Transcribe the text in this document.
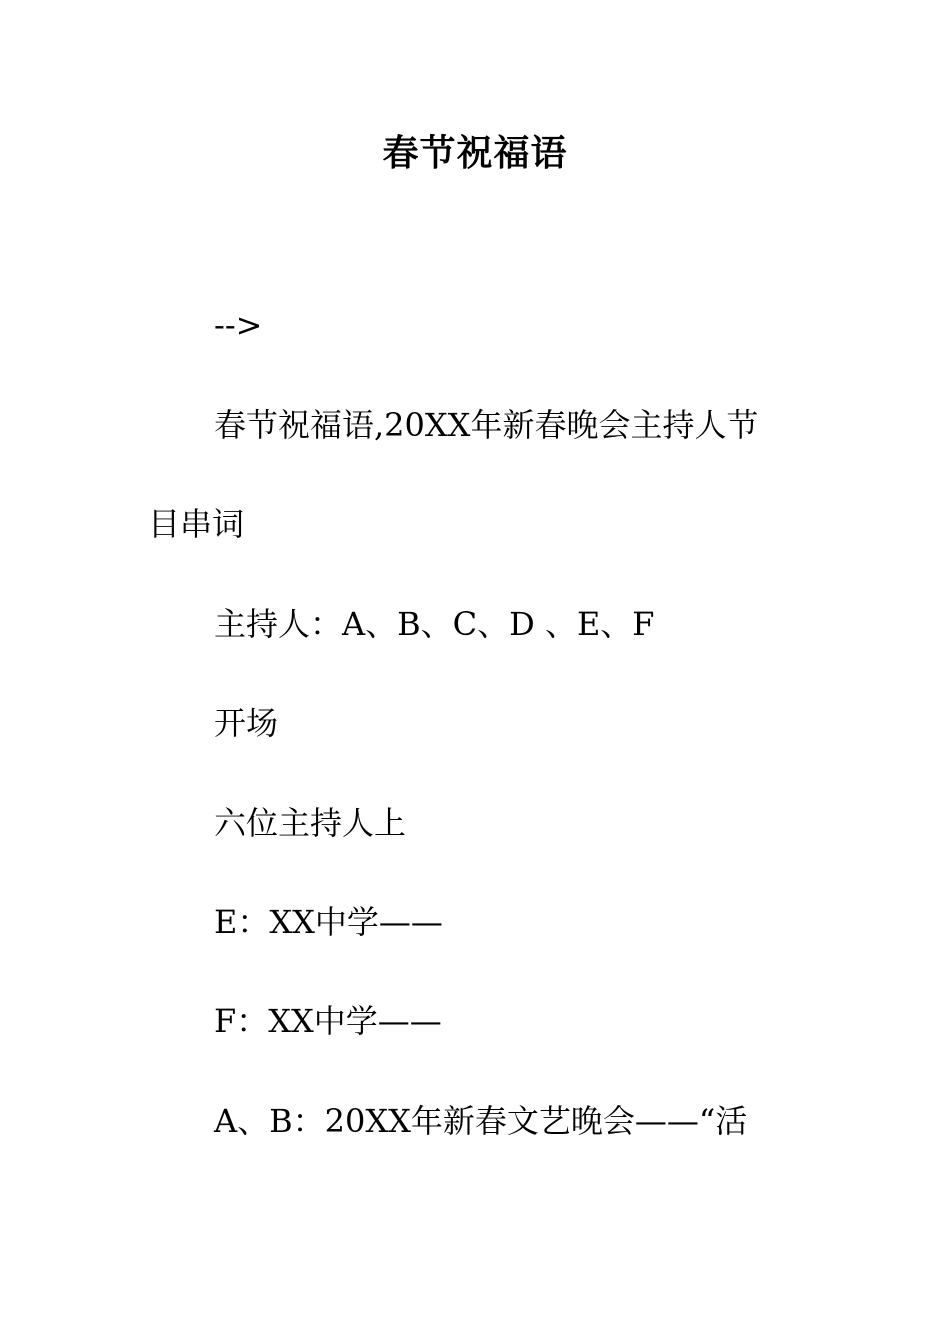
春节祝福语
-->
春节祝福语,20XX年新春晚会主持人节
目串词
主持人：A、B、C、D 、E、F
开场
六位主持人上
E：XX中学——
F：XX中学——
A、B：20XX年新春文艺晚会——“活
